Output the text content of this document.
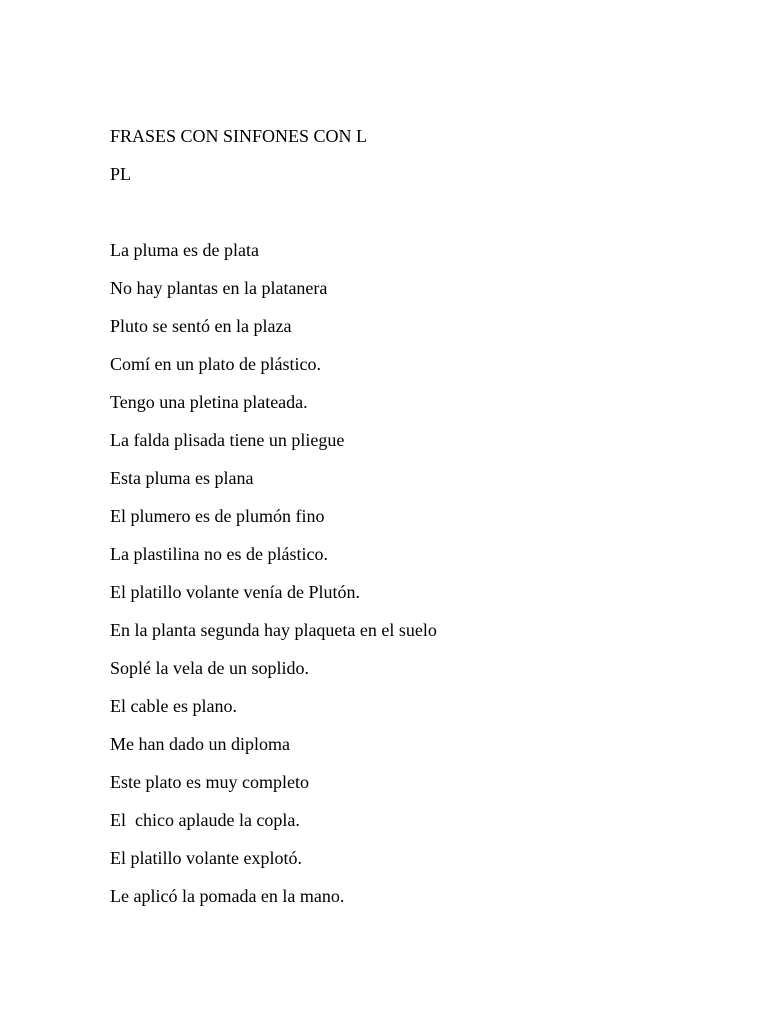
FRASES CON SINFONES CON L
PL
La pluma es de plata
No hay plantas en la platanera
Pluto se sentó en la plaza
Comí en un plato de plástico.
Tengo una pletina plateada.
La falda plisada tiene un pliegue
Esta pluma es plana
El plumero es de plumón fino
La plastilina no es de plástico.
El platillo volante venía de Plutón.
En la planta segunda hay plaqueta en el suelo
Soplé la vela de un soplido.
El cable es plano.
Me han dado un diploma
Este plato es muy completo
El  chico aplaude la copla.
El platillo volante explotó.
Le aplicó la pomada en la mano.
